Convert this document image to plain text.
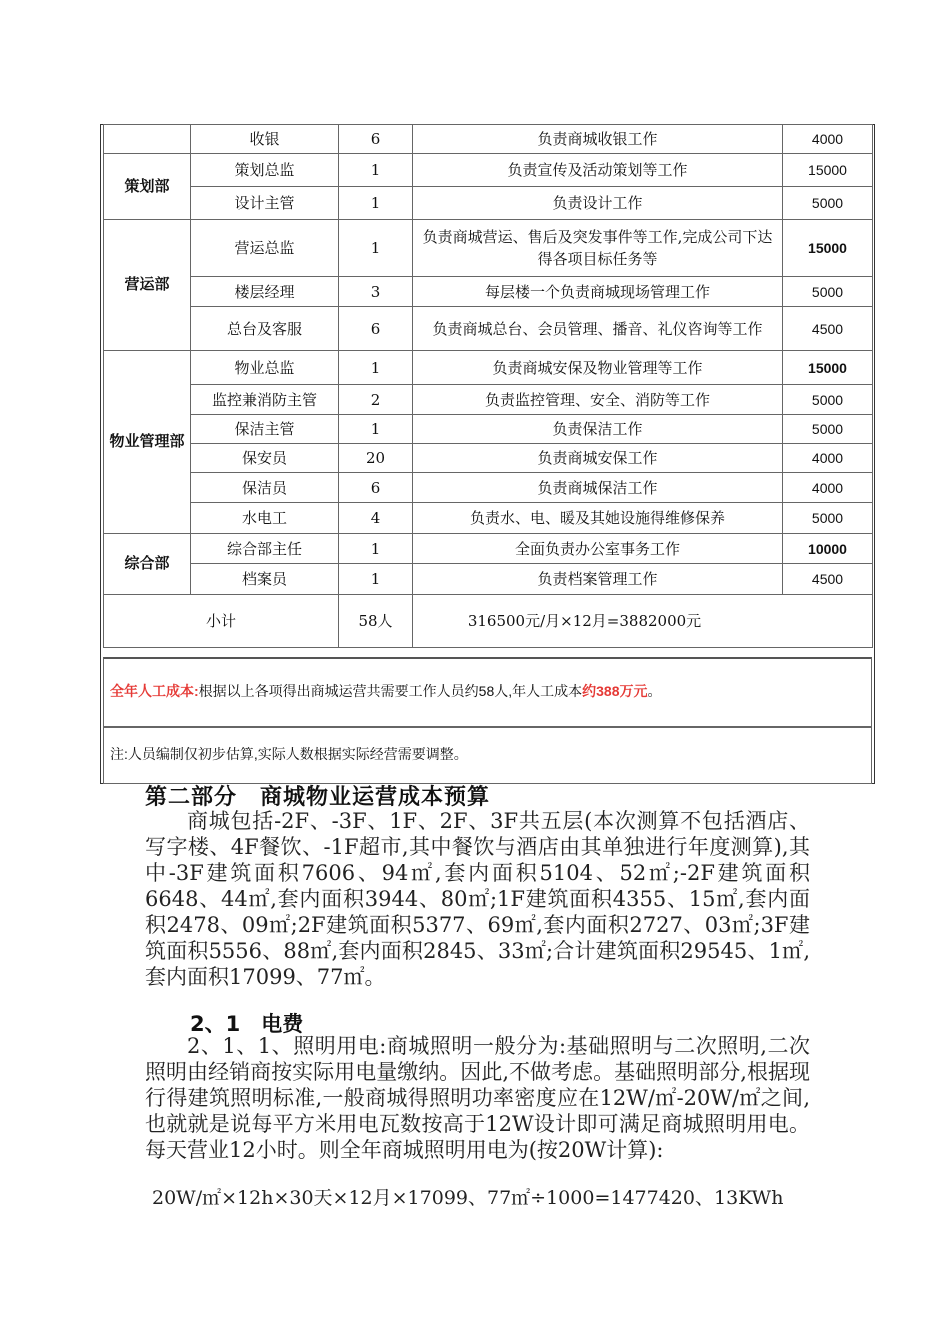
	收银	6	负责商城收银工作	4000
策划部	策划总监	1	负责宣传及活动策划等工作	15000
	设计主管	1	负责设计工作	5000
营运部	营运总监	1	负责商城营运、售后及突发事件等工作,完成公司下达得各项目标任务等	15000
	楼层经理	3	每层楼一个负责商城现场管理工作	5000
	总台及客服	6	负责商城总台、会员管理、播音、礼仪咨询等工作	4500
物业管理部	物业总监	1	负责商城安保及物业管理等工作	15000
	监控兼消防主管	2	负责监控管理、安全、消防等工作	5000
	保洁主管	1	负责保洁工作	5000
	保安员	20	负责商城安保工作	4000
	保洁员	6	负责商城保洁工作	4000
	水电工	4	负责水、电、暖及其她设施得维修保养	5000
综合部	综合部主任	1	全面负责办公室事务工作	10000
	档案员	1	负责档案管理工作	4500
小计		58人	316500元/月×12月=3882000元	
全年人工成本:根据以上各项得出商城运营共需要工作人员约58人,年人工成本约388万元。
注:人员编制仅初步估算,实际人数根据实际经营需要调整。
第二部分　商城物业运营成本预算
商城包括-2F、-3F、1F、2F、3F共五层(本次测算不包括酒店、写字楼、4F餐饮、-1F超市,其中餐饮与酒店由其单独进行年度测算),其中-3F建筑面积7606、94㎡,套内面积5104、52㎡;-2F建筑面积6648、44㎡,套内面积3944、80㎡;1F建筑面积4355、15㎡,套内面积2478、09㎡;2F建筑面积5377、69㎡,套内面积2727、03㎡;3F建筑面积5556、88㎡,套内面积2845、33㎡;合计建筑面积29545、1㎡,套内面积17099、77㎡。
2、1　电费
2、1、1、照明用电:商城照明一般分为:基础照明与二次照明,二次照明由经销商按实际用电量缴纳。因此,不做考虑。基础照明部分,根据现行得建筑照明标准,一般商城得照明功率密度应在12W/㎡-20W/㎡之间,也就就是说每平方米用电瓦数按高于12W设计即可满足商城照明用电。每天营业12小时。则全年商城照明用电为(按20W计算):
20W/㎡×12h×30天×12月×17099、77㎡÷1000=1477420、13KWh
